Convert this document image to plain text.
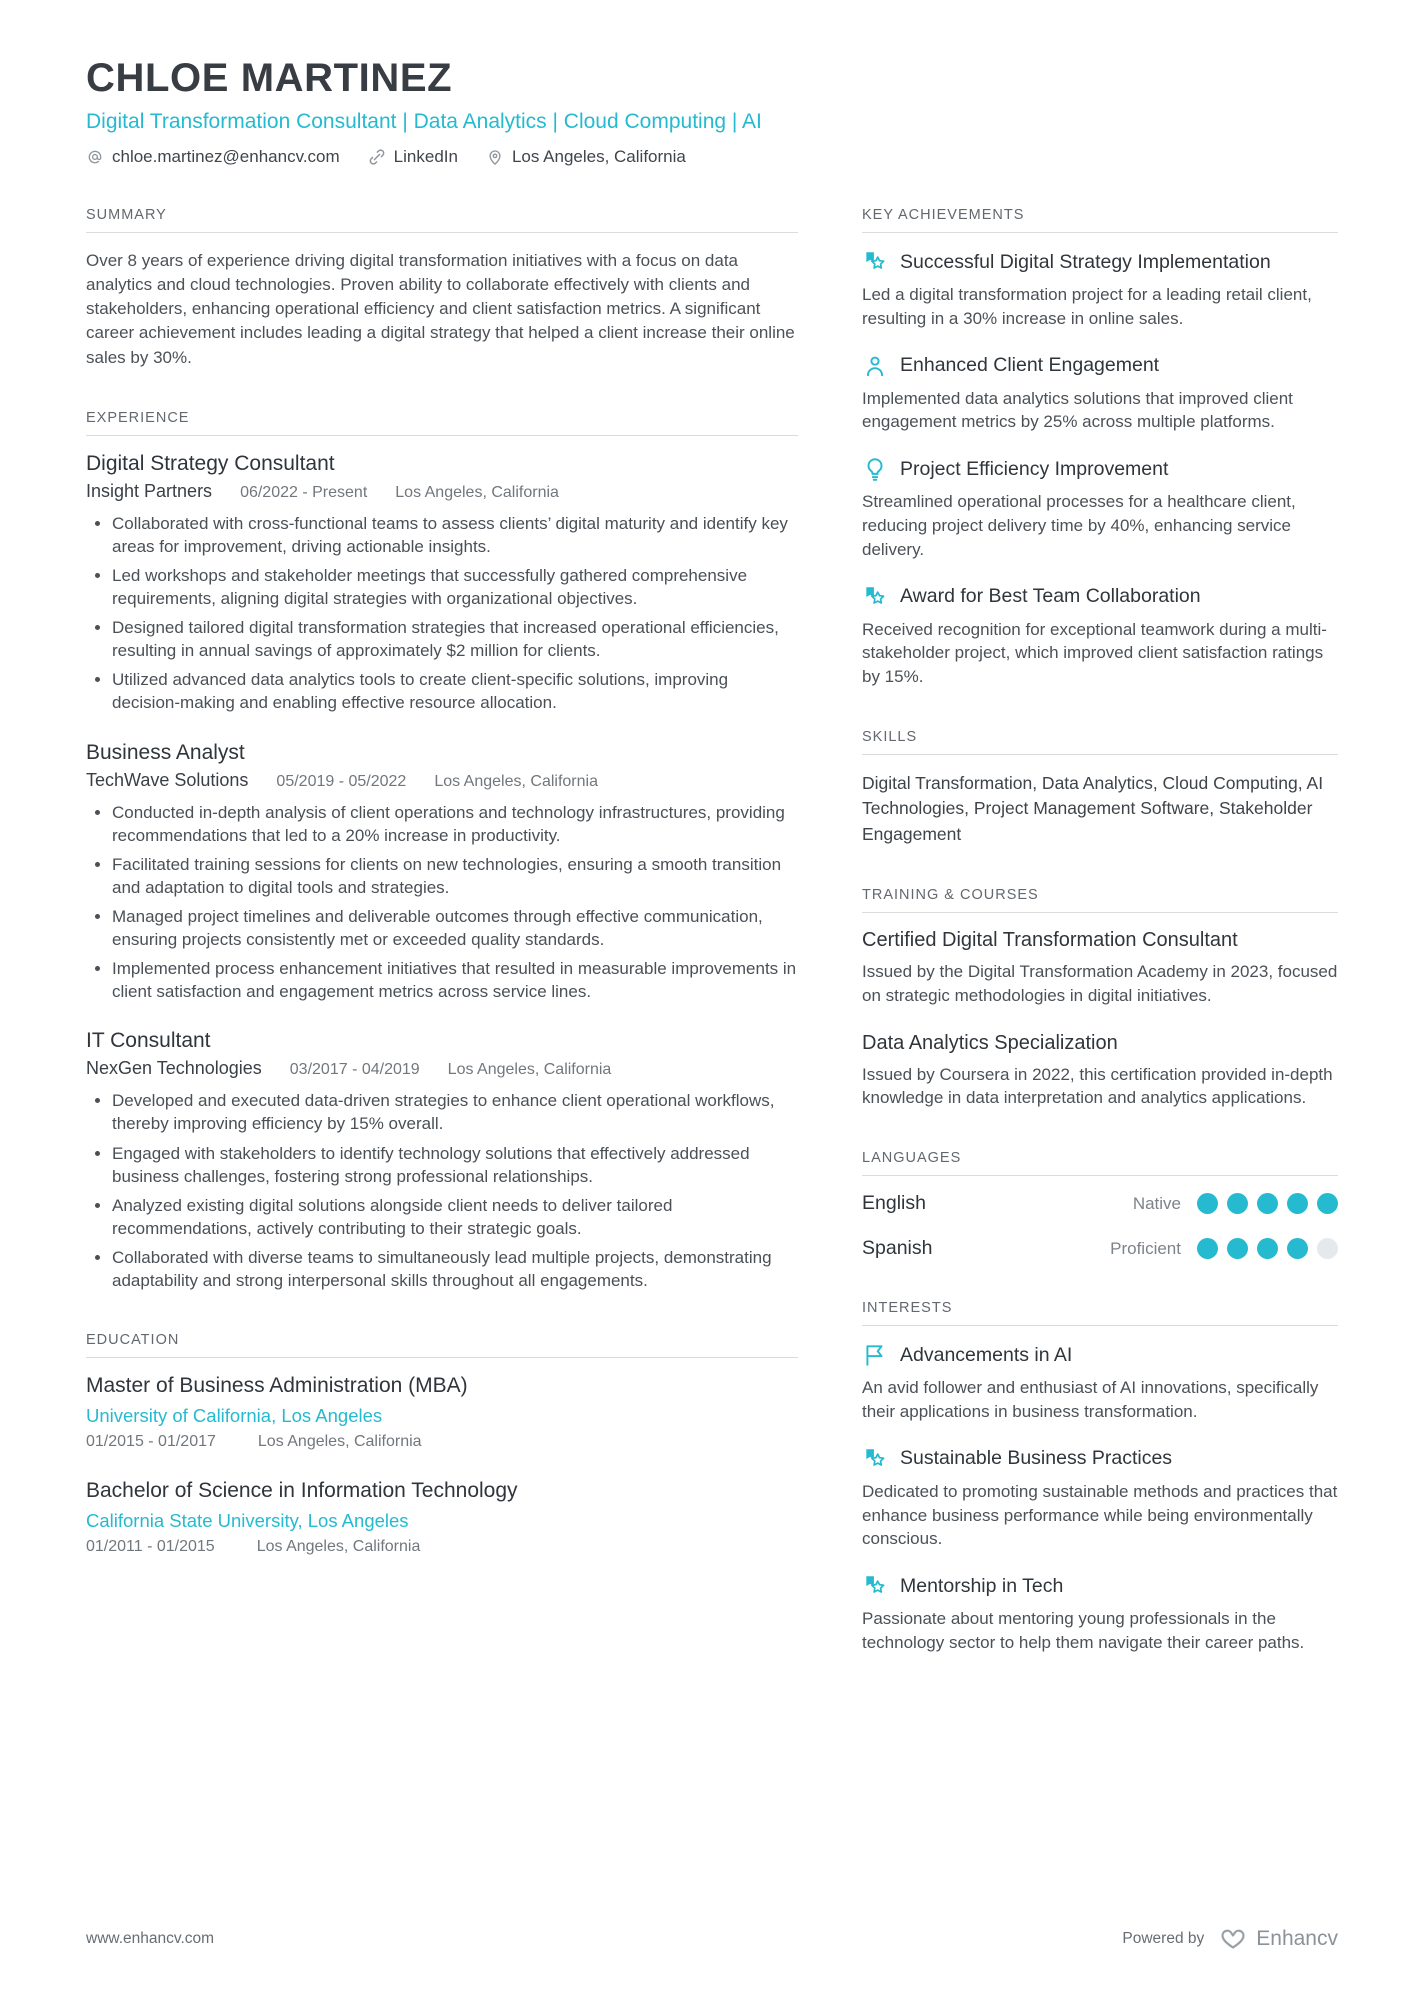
CHLOE MARTINEZ
Digital Transformation Consultant | Data Analytics | Cloud Computing | AI
chloe.martinez@enhancv.com	LinkedIn	Los Angeles, California
SUMMARY

Over 8 years of experience driving digital transformation initiatives with a focus on data analytics and cloud technologies. Proven ability to collaborate effectively with clients and stakeholders, enhancing operational efficiency and client satisfaction metrics. A significant career achievement includes leading a digital strategy that helped a client increase their online sales by 30%.

EXPERIENCE
Digital Strategy Consultant
Insight Partners 06/2022 - Present Los Angeles, California
• Collaborated with cross-functional teams to assess clients’ digital maturity and identify key areas for improvement, driving actionable insights.
• Led workshops and stakeholder meetings that successfully gathered comprehensive requirements, aligning digital strategies with organizational objectives.
• Designed tailored digital transformation strategies that increased operational efficiencies, resulting in annual savings of approximately $2 million for clients.
• Utilized advanced data analytics tools to create client-specific solutions, improving decision-making and enabling effective resource allocation.
Business Analyst
TechWave Solutions 05/2019 - 05/2022 Los Angeles, California
• Conducted in-depth analysis of client operations and technology infrastructures, providing recommendations that led to a 20% increase in productivity.
• Facilitated training sessions for clients on new technologies, ensuring a smooth transition and adaptation to digital tools and strategies.
• Managed project timelines and deliverable outcomes through effective communication, ensuring projects consistently met or exceeded quality standards.
• Implemented process enhancement initiatives that resulted in measurable improvements in client satisfaction and engagement metrics across service lines.
IT Consultant
NexGen Technologies 03/2017 - 04/2019 Los Angeles, California
• Developed and executed data-driven strategies to enhance client operational workflows, thereby improving efficiency by 15% overall.
• Engaged with stakeholders to identify technology solutions that effectively addressed business challenges, fostering strong professional relationships.
• Analyzed existing digital solutions alongside client needs to deliver tailored recommendations, actively contributing to their strategic goals.
• Collaborated with diverse teams to simultaneously lead multiple projects, demonstrating adaptability and strong interpersonal skills throughout all engagements.
EDUCATION
Master of Business Administration (MBA)
University of California, Los Angeles
01/2015 - 01/2017	Los Angeles, California
Bachelor of Science in Information Technology
California State University, Los Angeles
01/2011 - 01/2015	Los Angeles, California
KEY ACHIEVEMENTS
Successful Digital Strategy Implementation

Led a digital transformation project for a leading retail client, resulting in a 30% increase in online sales.

Enhanced Client Engagement

Implemented data analytics solutions that improved client engagement metrics by 25% across multiple platforms.

Project Efficiency Improvement

Streamlined operational processes for a healthcare client, reducing project delivery time by 40%, enhancing service delivery.

Award for Best Team Collaboration

Received recognition for exceptional teamwork during a multi-stakeholder project, which improved client satisfaction ratings by 15%.

SKILLS

Digital Transformation, Data Analytics, Cloud Computing, AI Technologies, Project Management Software, Stakeholder Engagement

TRAINING & COURSES
Certified Digital Transformation Consultant

Issued by the Digital Transformation Academy in 2023, focused on strategic methodologies in digital initiatives.

Data Analytics Specialization

Issued by Coursera in 2022, this certification provided in-depth knowledge in data interpretation and analytics applications.

LANGUAGES
English	Native
Spanish	Proficient
INTERESTS
Advancements in AI

An avid follower and enthusiast of AI innovations, specifically their applications in business transformation.

Sustainable Business Practices

Dedicated to promoting sustainable methods and practices that enhance business performance while being environmentally conscious.

Mentorship in Tech

Passionate about mentoring young professionals in the technology sector to help them navigate their career paths.

www.enhancv.com	Powered by Enhancv
